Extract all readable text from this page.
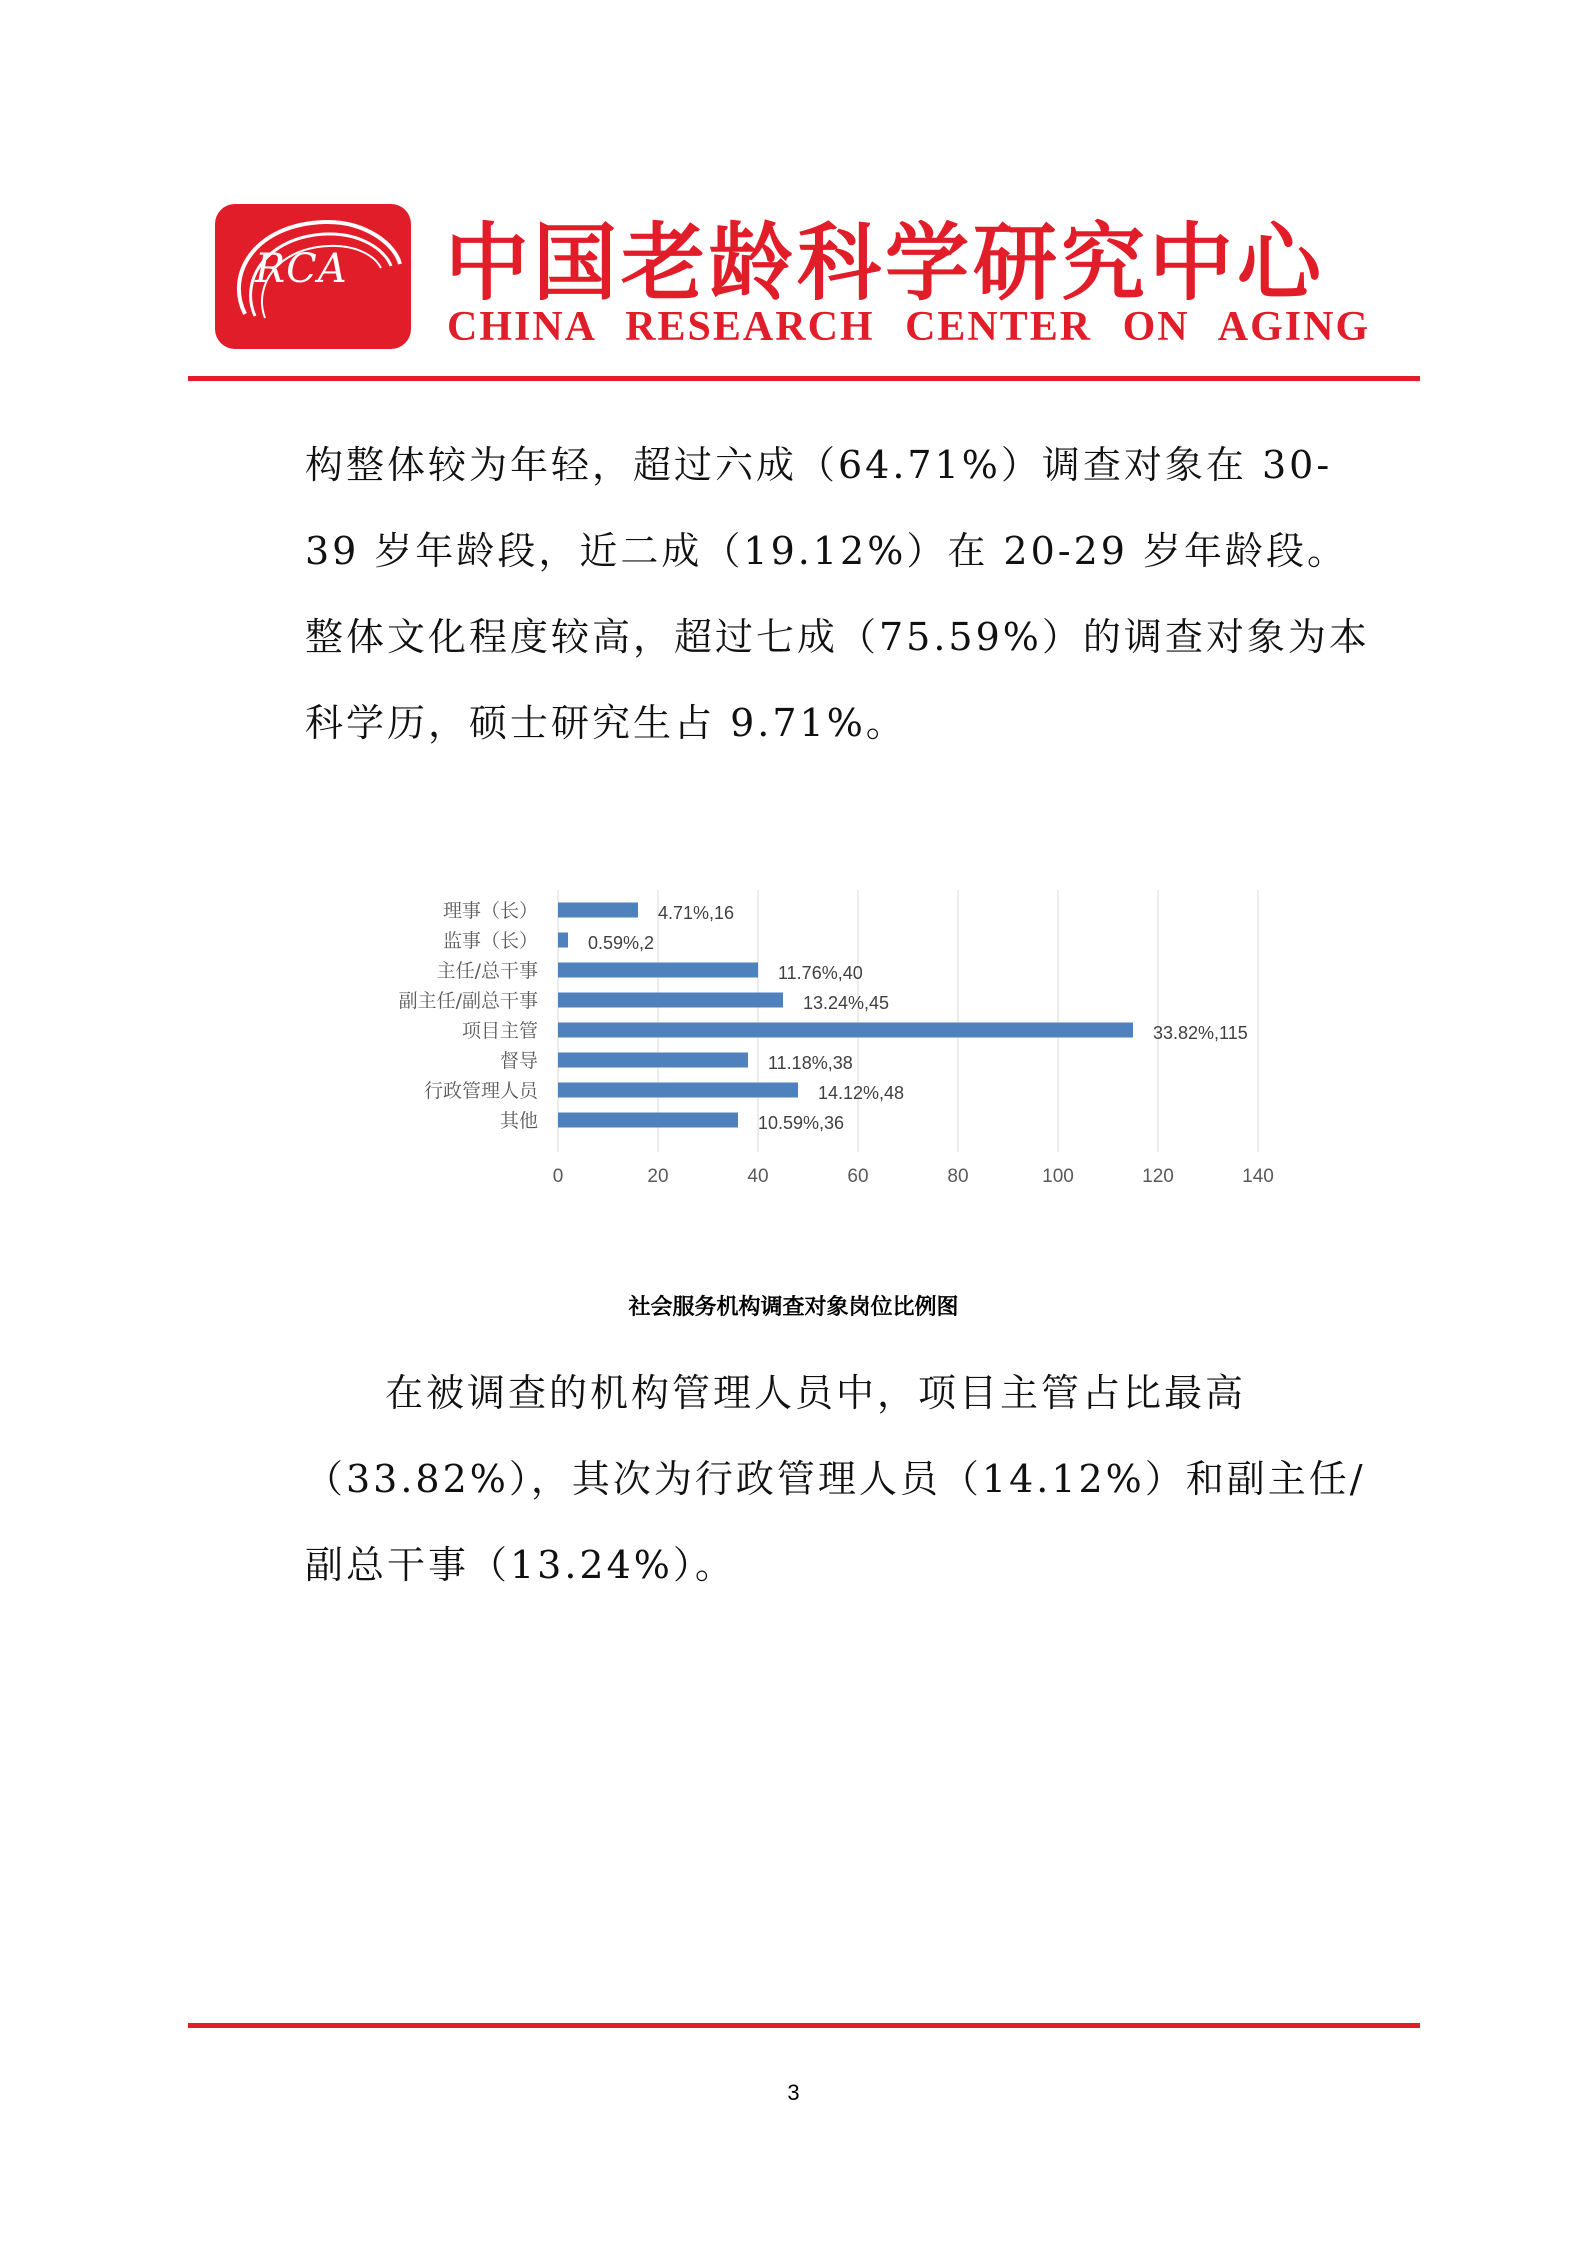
RCA 中国老龄科学研究中心
CHINA RESEARCH CENTER ON AGING
构整体较为年轻，超过六成（64.71%）调查对象在 30-39 岁年龄段，近二成（19.12%）在 20-29 岁年龄段。整体文化程度较高，超过七成（75.59%）的调查对象为本科学历，硕士研究生占 9.71%。
0	20	40	60	80	100	120	140
理事（长）	4.71%,16
监事（长）	0.59%,2
主任/总干事	11.76%,40
副主任/副总干事	13.24%,45
项目主管	33.82%,115
督导	11.18%,38
行政管理人员	14.12%,48
其他	10.59%,36
社会服务机构调查对象岗位比例图
在被调查的机构管理人员中，项目主管占比最高（33.82%），其次为行政管理人员（14.12%）和副主任/副总干事（13.24%）。
3
